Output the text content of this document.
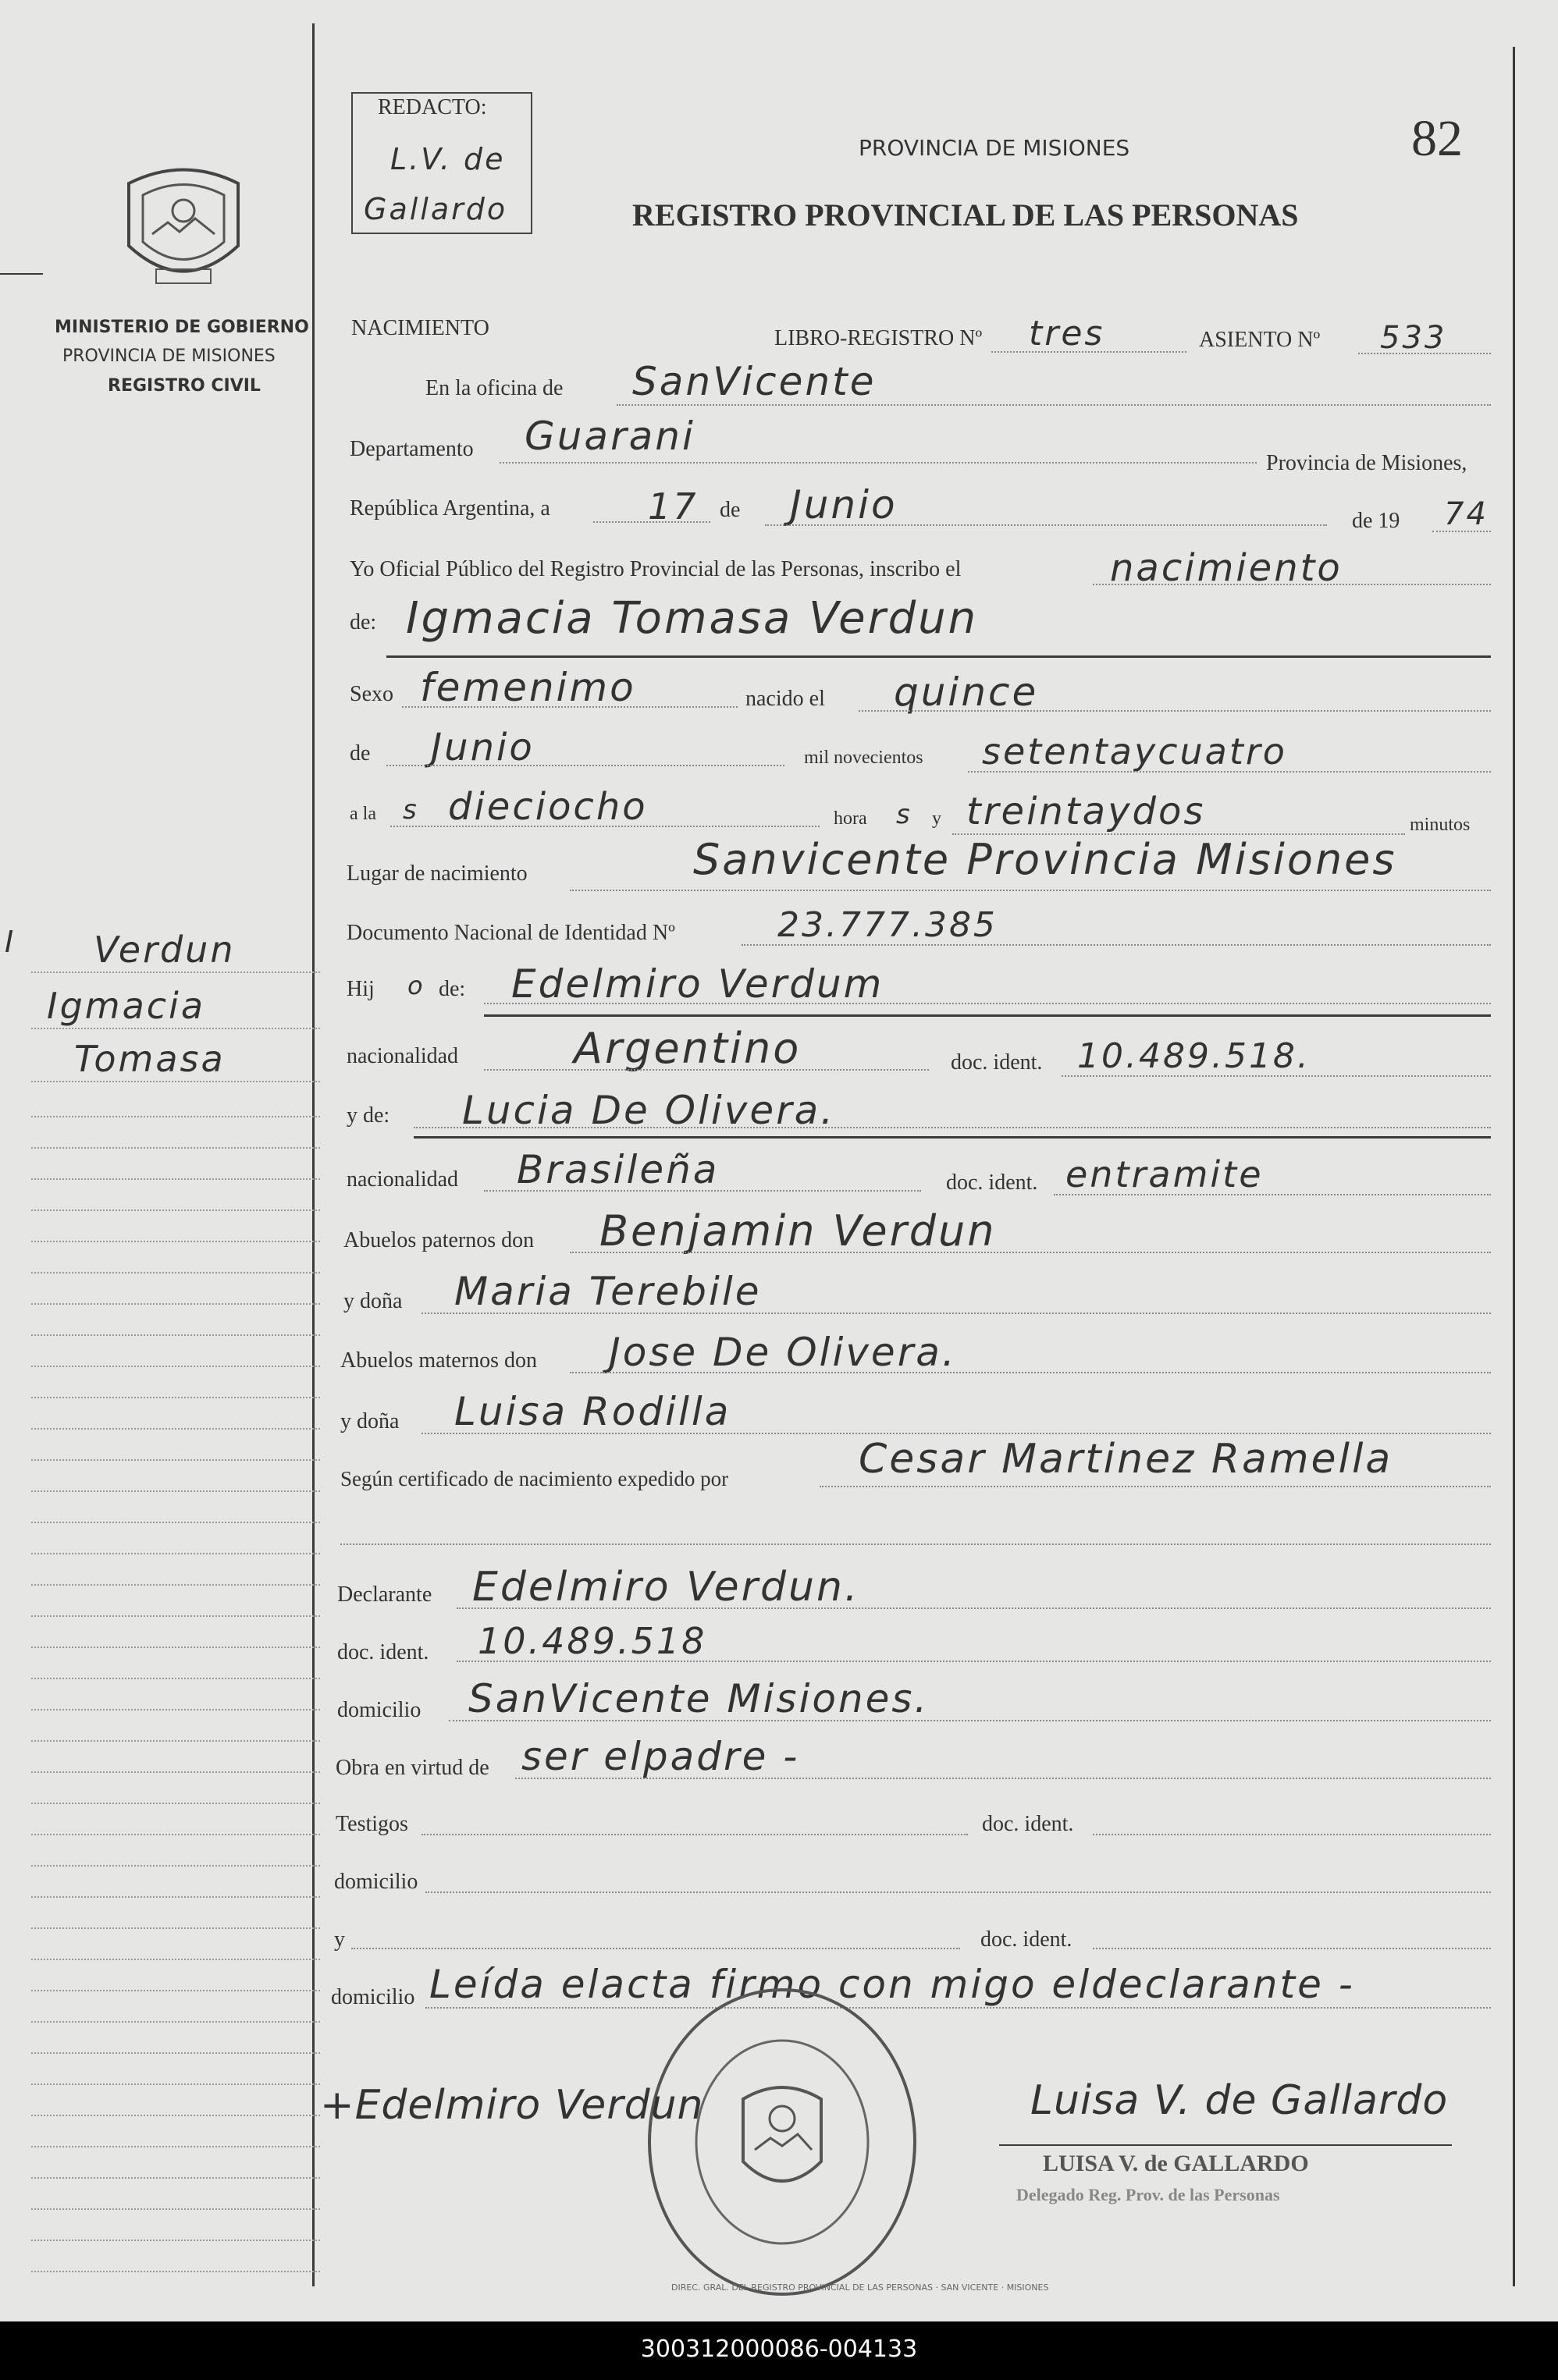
MINISTERIO DE GOBIERNO
PROVINCIA DE MISIONES
REGISTRO CIVIL
I Verdun
Igmacia
Tomasa
REDACTO:
L.V. de
Gallardo
PROVINCIA DE MISIONES	82
REGISTRO PROVINCIAL DE LAS PERSONAS
NACIMIENTO	LIBRO-REGISTRO Nº tres	ASIENTO Nº 533
En la oficina de SanVicente
Departamento Guarani
Provincia de Misiones,
República Argentina, a	17 de Junio	de 19 74
Yo Oficial Público del Registro Provincial de las Personas, inscribo el	nacimiento
de: Igmacia Tomasa Verdun
Sexo femenimo	nacido el quince
de Junio	mil novecientos setentaycuatro
a la s dieciocho	hora s y treintaydos	minutos
Lugar de nacimiento	Sanvicente Provincia Misiones
Documento Nacional de Identidad Nº	23.777.385
Hij o de: Edelmiro Verdum
nacionalidad	Argentino	doc. ident. 10.489.518.
y de: Lucia De Olivera.
nacionalidad Brasileña	doc. ident. entramite
Abuelos paternos don Benjamin Verdun
y doña Maria Terebile
Abuelos maternos don Jose De Olivera.
y doña Luisa Rodilla
Según certificado de nacimiento expedido por	Cesar Martinez Ramella
Declarante Edelmiro Verdun.
doc. ident. 10.489.518
domicilio SanVicente Misiones.
Obra en virtud de ser elpadre -
Testigos	doc. ident.
domicilio
y	doc. ident.
domicilio Leída elacta firmo con migo eldeclarante -
DIREC. GRAL. DEL REGISTRO PROVINCIAL DE LAS PERSONAS · SAN VICENTE · MISIONES
+Edelmiro Verdun	Luisa V. de Gallardo
LUISA V. de GALLARDO
Delegado Reg. Prov. de las Personas
300312000086-004133
